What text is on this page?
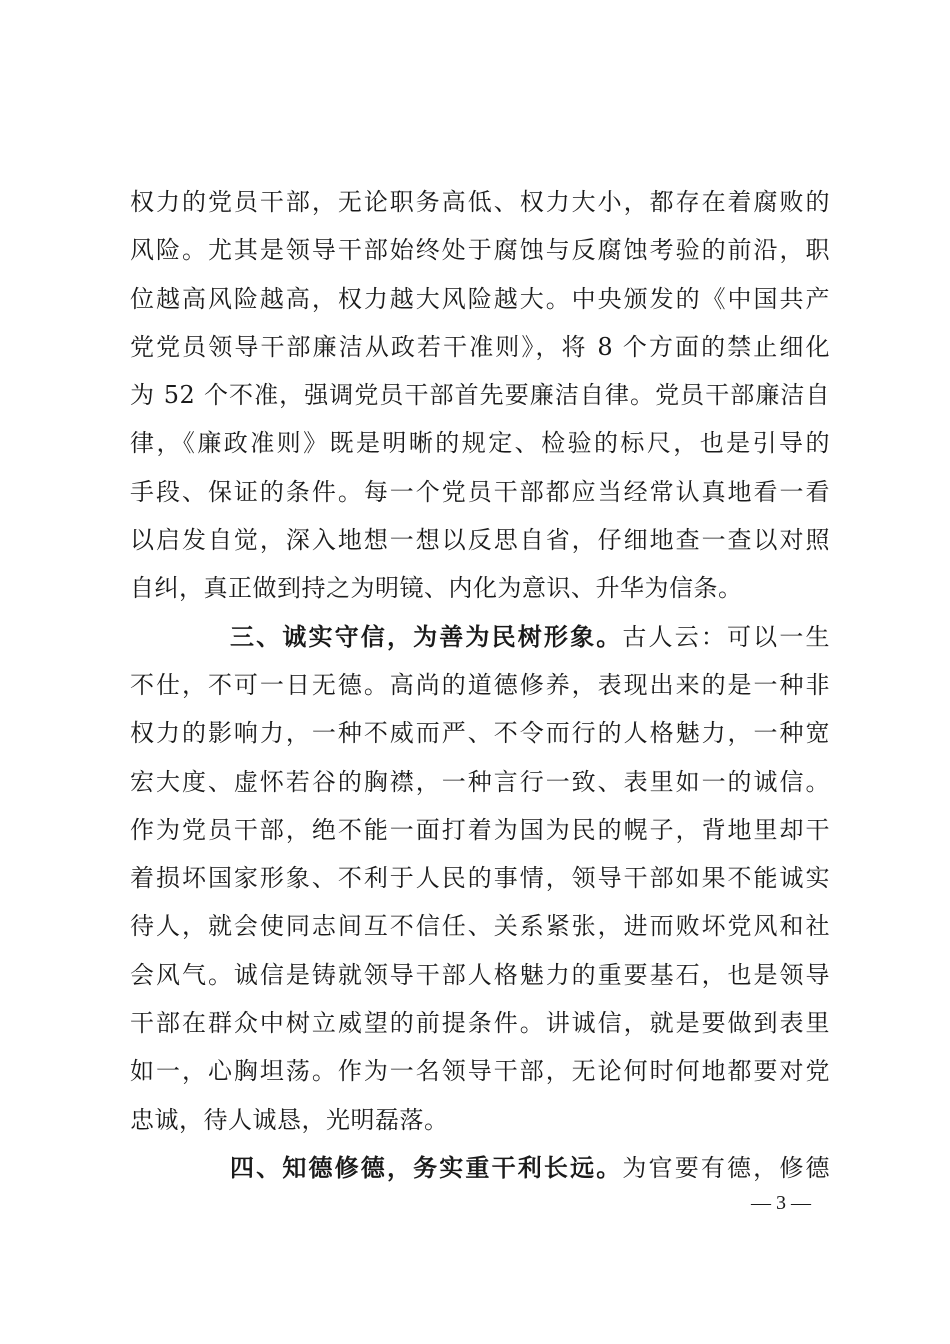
权力的党员干部，无论职务高低、权力大小，都存在着腐败的
风险。尤其是领导干部始终处于腐蚀与反腐蚀考验的前沿，职
位越高风险越高，权力越大风险越大。中央颁发的《中国共产
党党员领导干部廉洁从政若干准则》，将 8 个方面的禁止细化
为 52 个不准，强调党员干部首先要廉洁自律。党员干部廉洁自
律，《廉政准则》既是明晰的规定、检验的标尺，也是引导的
手段、保证的条件。每一个党员干部都应当经常认真地看一看
以启发自觉，深入地想一想以反思自省，仔细地查一查以对照
自纠，真正做到持之为明镜、内化为意识、升华为信条。
三、诚实守信，为善为民树形象。古人云：可以一生
不仕，不可一日无德。高尚的道德修养，表现出来的是一种非
权力的影响力，一种不威而严、不令而行的人格魅力，一种宽
宏大度、虚怀若谷的胸襟，一种言行一致、表里如一的诚信。
作为党员干部，绝不能一面打着为国为民的幌子，背地里却干
着损坏国家形象、不利于人民的事情，领导干部如果不能诚实
待人，就会使同志间互不信任、关系紧张，进而败坏党风和社
会风气。诚信是铸就领导干部人格魅力的重要基石，也是领导
干部在群众中树立威望的前提条件。讲诚信，就是要做到表里
如一，心胸坦荡。作为一名领导干部，无论何时何地都要对党
忠诚，待人诚恳，光明磊落。
四、知德修德，务实重干利长远。为官要有德，修德
— 3 —
